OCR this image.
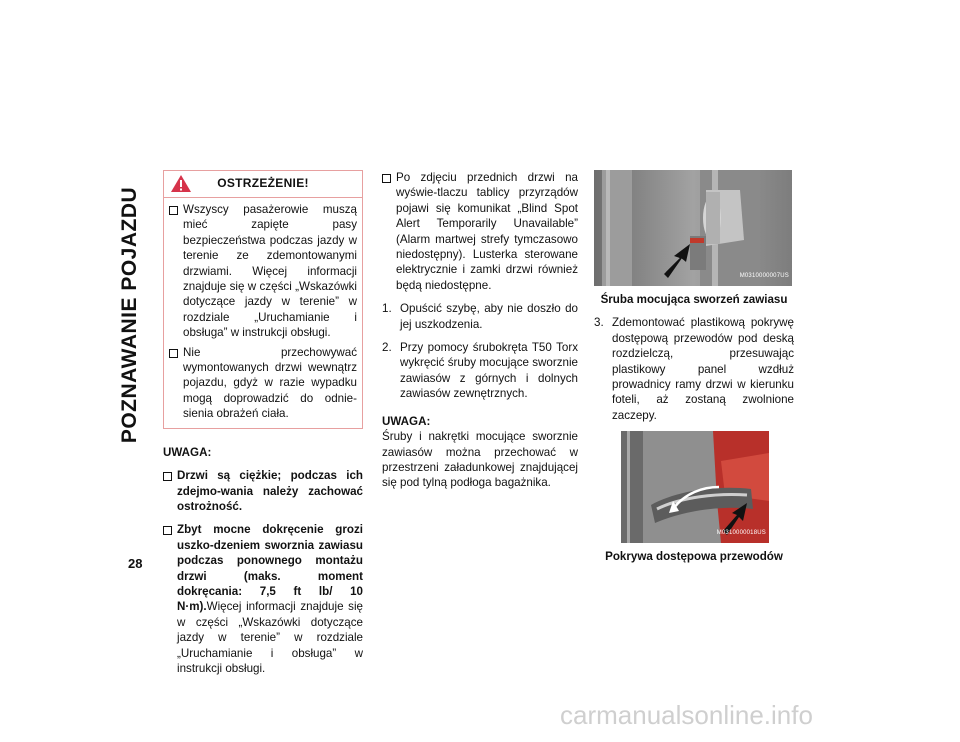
POZNAWANIE POJAZDU
28
OSTRZEŻENIE!
Wszyscy pasażerowie muszą mieć zapięte pasy bezpieczeństwa podczas jazdy w terenie ze zdemontowanymi drzwiami. Więcej informacji znajduje się w części „Wskazówki dotyczące jazdy w terenie” w rozdziale „Uruchamianie i obsługa” w instrukcji obsługi.
Nie przechowywać wymontowanych drzwi wewnątrz pojazdu, gdyż w razie wypadku mogą doprowadzić do odnie-sienia obrażeń ciała.
UWAGA:
Drzwi są ciężkie; podczas ich zdejmo-wania należy zachować ostrożność.
Zbyt mocne dokręcenie grozi uszko-dzeniem sworznia zawiasu podczas ponownego montażu drzwi (maks. moment dokręcania: 7,5 ft lb/ 10 N·m).Więcej informacji znajduje się w części „Wskazówki dotyczące jazdy w terenie” w rozdziale „Uruchamianie i obsługa” w instrukcji obsługi.
Po zdjęciu przednich drzwi na wyświe-tlaczu tablicy przyrządów pojawi się komunikat „Blind Spot Alert Temporarily Unavailable” (Alarm martwej strefy tymczasowo niedostępny). Lusterka sterowane elektrycznie i zamki drzwi również będą niedostępne.
1. Opuścić szybę, aby nie doszło do jej uszkodzenia.
2. Przy pomocy śrubokręta T50 Torx wykręcić śruby mocujące sworznie zawiasów z górnych i dolnych zawiasów zewnętrznych.
UWAGA:
Śruby i nakrętki mocujące sworznie zawiasów można przechować w przestrzeni załadunkowej znajdującej się pod tylną podłoga bagażnika.
M0310000007US
Śruba mocująca sworzeń zawiasu
3. Zdemontować plastikową pokrywę dostępową przewodów pod deską rozdzielczą, przesuwając plastikowy panel wzdłuż prowadnicy ramy drzwi w kierunku foteli, aż zostaną zwolnione zaczepy.
M0310000018US
Pokrywa dostępowa przewodów
carmanualsonline.info
